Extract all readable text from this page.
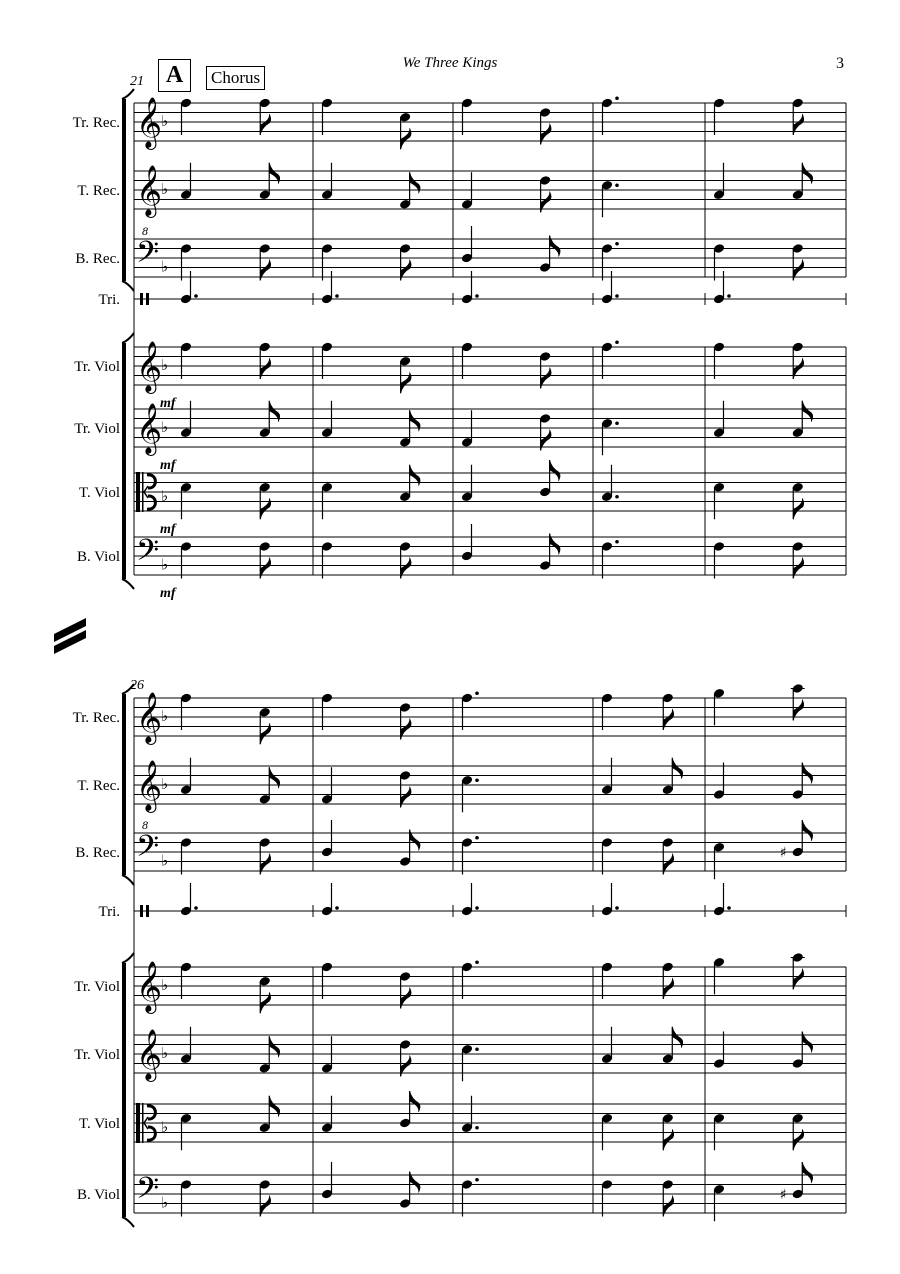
We Three Kings	3
A	Chorus
21
26
𝄞
♭
Tr. Rec.
𝄞
♭
T. Rec.
𝄢
8
♭
B. Rec.
Tri.
𝄞
♭
Tr. Viol
mf
𝄞
♭
Tr. Viol
mf
♭
T. Viol
mf
𝄢 ♭
B. Viol
mf
𝄞
♭
Tr. Rec.
𝄞
♭
T. Rec.
𝄢
8
♭	♯
B. Rec.
Tri.
𝄞
♭
Tr. Viol
𝄞
♭
Tr. Viol
♭
T. Viol
𝄢 ♭	♯
B. Viol
